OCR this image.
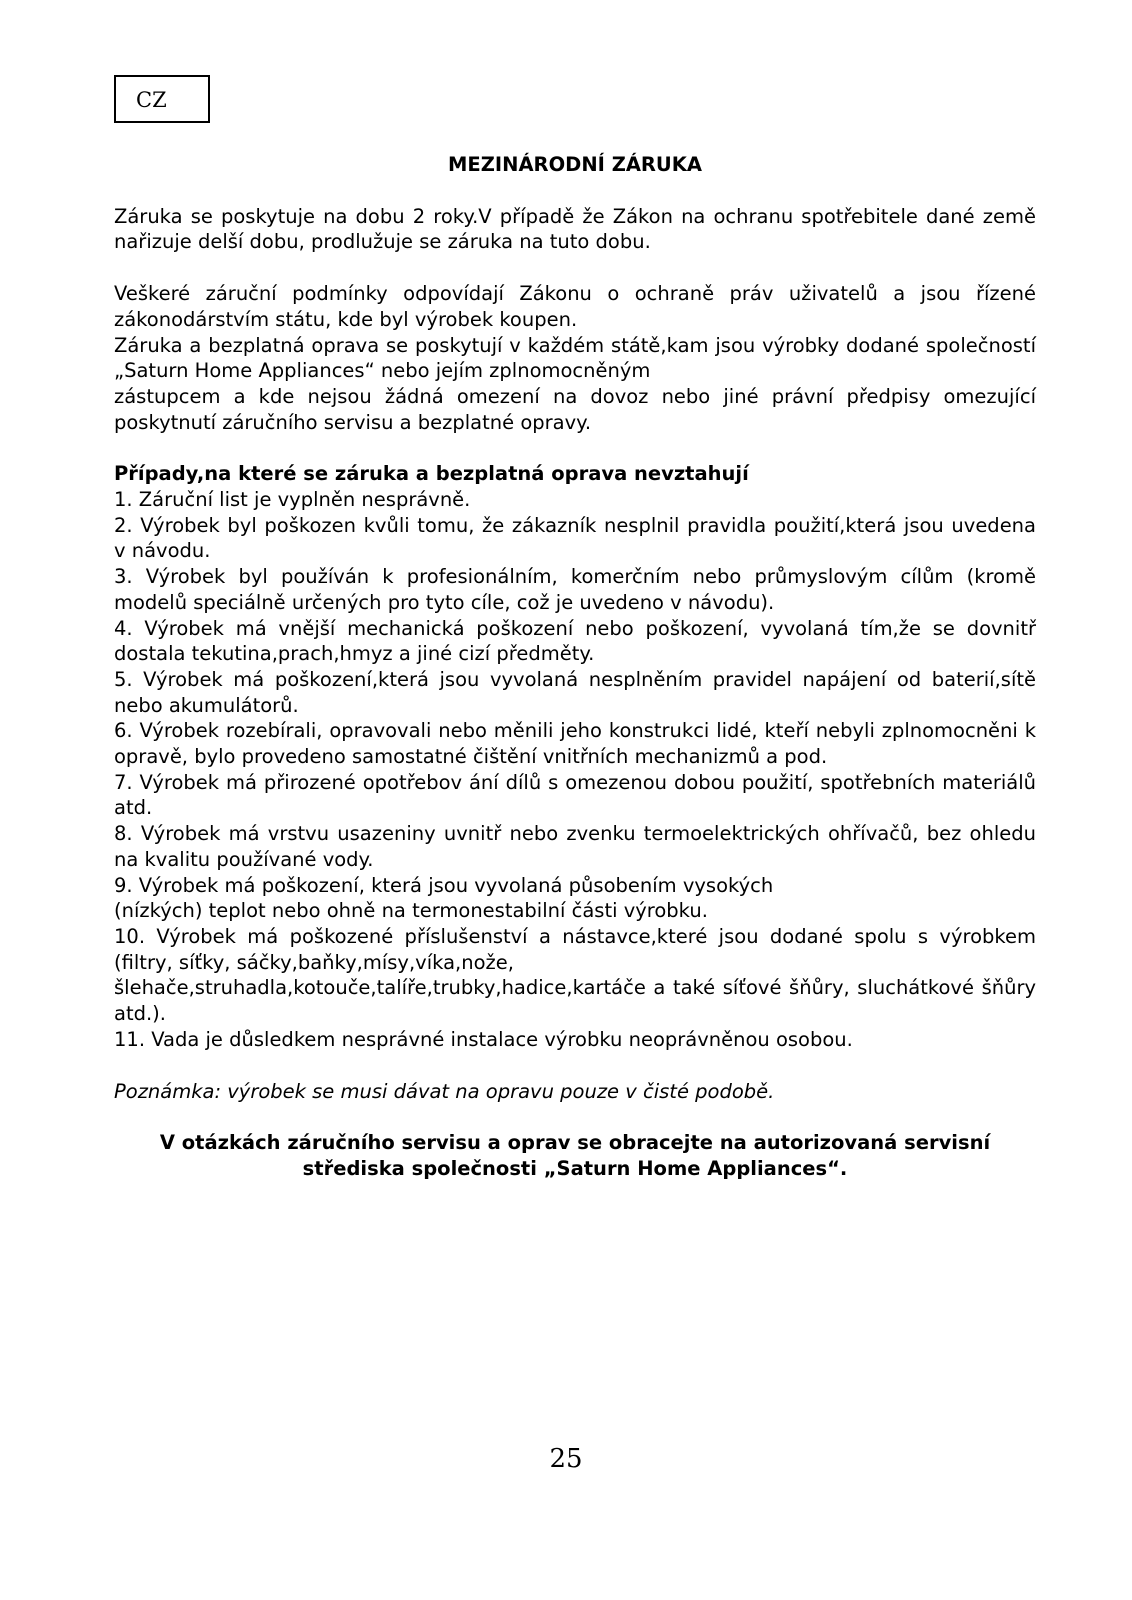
CZ

MEZINÁRODNÍ ZÁRUKA

Záruka se poskytuje na dobu 2 roky.V případě že Zákon na ochranu spotřebitele dané země nařizuje delší dobu, prodlužuje se záruka na tuto dobu.

Veškeré záruční podmínky odpovídají Zákonu o ochraně práv uživatelů a jsou řízené zákonodárstvím státu, kde byl výrobek koupen.

Záruka a bezplatná oprava se poskytují v každém státě,kam jsou výrobky dodané společností „Saturn Home Appliances“ nebo jejím zplnomocněným

zástupcem a kde nejsou žádná omezení na dovoz nebo jiné právní předpisy omezující poskytnutí záručního servisu a bezplatné opravy.

Případy,na které se záruka a bezplatná oprava nevztahují

1. Záruční list je vyplněn nesprávně.

2. Výrobek byl poškozen kvůli tomu, že zákazník nesplnil pravidla použití,která jsou uvedena v návodu.

3. Výrobek byl používán k profesionálním, komerčním nebo průmyslovým cílům (kromě modelů speciálně určených pro tyto cíle, což je uvedeno v návodu).

4. Výrobek má vnější mechanická poškození nebo poškození, vyvolaná tím,že se dovnitř dostala tekutina,prach,hmyz a jiné cizí předměty.

5. Výrobek má poškození,která jsou vyvolaná nesplněním pravidel napájení od baterií,sítě nebo akumulátorů.

6. Výrobek rozebírali, opravovali nebo měnili jeho konstrukci lidé, kteří nebyli zplnomocněni k opravě, bylo provedeno samostatné čištění vnitřních mechanizmů a pod.

7. Výrobek má přirozené opotřebov ání dílů s omezenou dobou použití, spotřebních materiálů atd.

8. Výrobek má vrstvu usazeniny uvnitř nebo zvenku termoelektrických ohřívačů, bez ohledu na kvalitu používané vody.

9. Výrobek má poškození, která jsou vyvolaná působením vysokých

(nízkých) teplot nebo ohně na termonestabilní části výrobku.

10. Výrobek má poškozené příslušenství a nástavce,které jsou dodané spolu s výrobkem (filtry, síťky, sáčky,baňky,mísy,víka,nože,

šlehače,struhadla,kotouče,talíře,trubky,hadice,kartáče a také síťové šňůry, sluchátkové šňůry atd.).

11. Vada je důsledkem nesprávné instalace výrobku neoprávněnou osobou.

Poznámka: výrobek se musi dávat na opravu pouze v čisté podobě.

V otázkách záručního servisu a oprav se obracejte na autorizovaná servisní
střediska společnosti „Saturn Home Appliances“.
25
